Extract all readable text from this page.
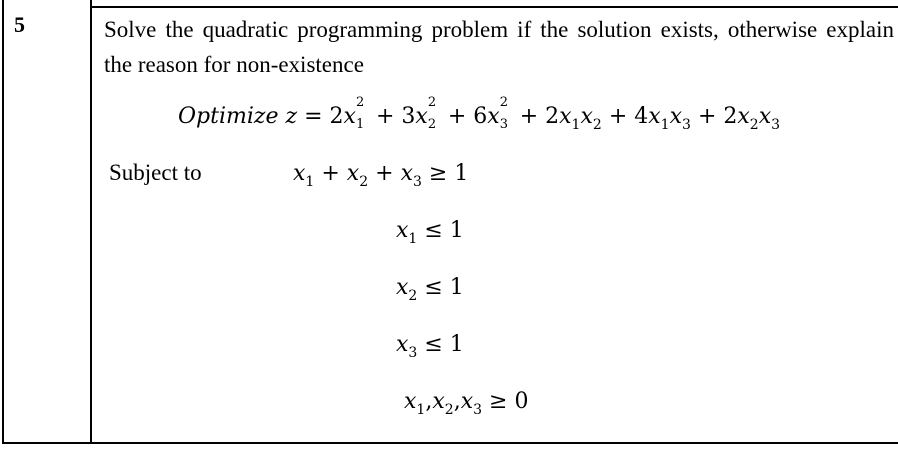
5	Solve the quadratic programming problem if the solution exists, otherwise explain the reason for non-existence
Optimize z = 2x
2
1 + 3x
2
2 + 6x
2
$3 + 2x_1x_2 + 4x_1x_3 + 2x_2x_3$
Subject to	$x_1 + x_2 + x_3 \ge 1$
$x_1 \le 1$
$x_2 \le 1$
$x_3 \le 1$
$x_1,x_2,x_3 \ge 0$
